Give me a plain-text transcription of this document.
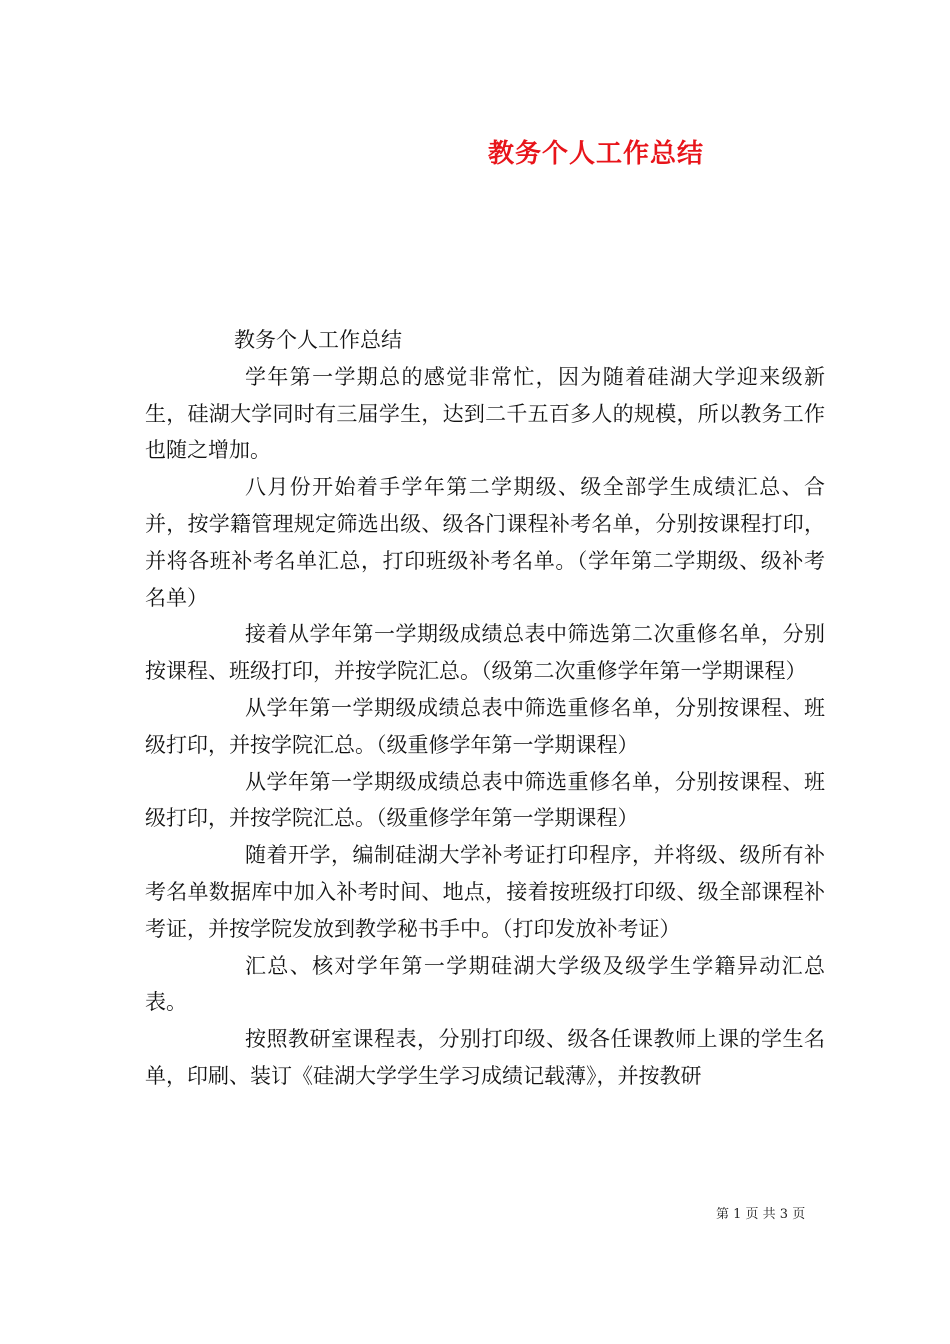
教务个人工作总结

教务个人工作总结

学年第一学期总的感觉非常忙，因为随着硅湖大学迎来级新生，硅湖大学同时有三届学生，达到二千五百多人的规模，所以教务工作也随之增加。

八月份开始着手学年第二学期级、级全部学生成绩汇总、合并，按学籍管理规定筛选出级、级各门课程补考名单，分别按课程打印，并将各班补考名单汇总，打印班级补考名单。（学年第二学期级、级补考名单）

接着从学年第一学期级成绩总表中筛选第二次重修名单，分别按课程、班级打印，并按学院汇总。（级第二次重修学年第一学期课程）

从学年第一学期级成绩总表中筛选重修名单，分别按课程、班级打印，并按学院汇总。（级重修学年第一学期课程）

从学年第一学期级成绩总表中筛选重修名单，分别按课程、班级打印，并按学院汇总。（级重修学年第一学期课程）

随着开学，编制硅湖大学补考证打印程序，并将级、级所有补考名单数据库中加入补考时间、地点，接着按班级打印级、级全部课程补考证，并按学院发放到教学秘书手中。（打印发放补考证）

汇总、核对学年第一学期硅湖大学级及级学生学籍异动汇总表。

按照教研室课程表，分别打印级、级各任课教师上课的学生名单，印刷、装订《硅湖大学学生学习成绩记载薄》，并按教研

第 1 页 共 3 页
